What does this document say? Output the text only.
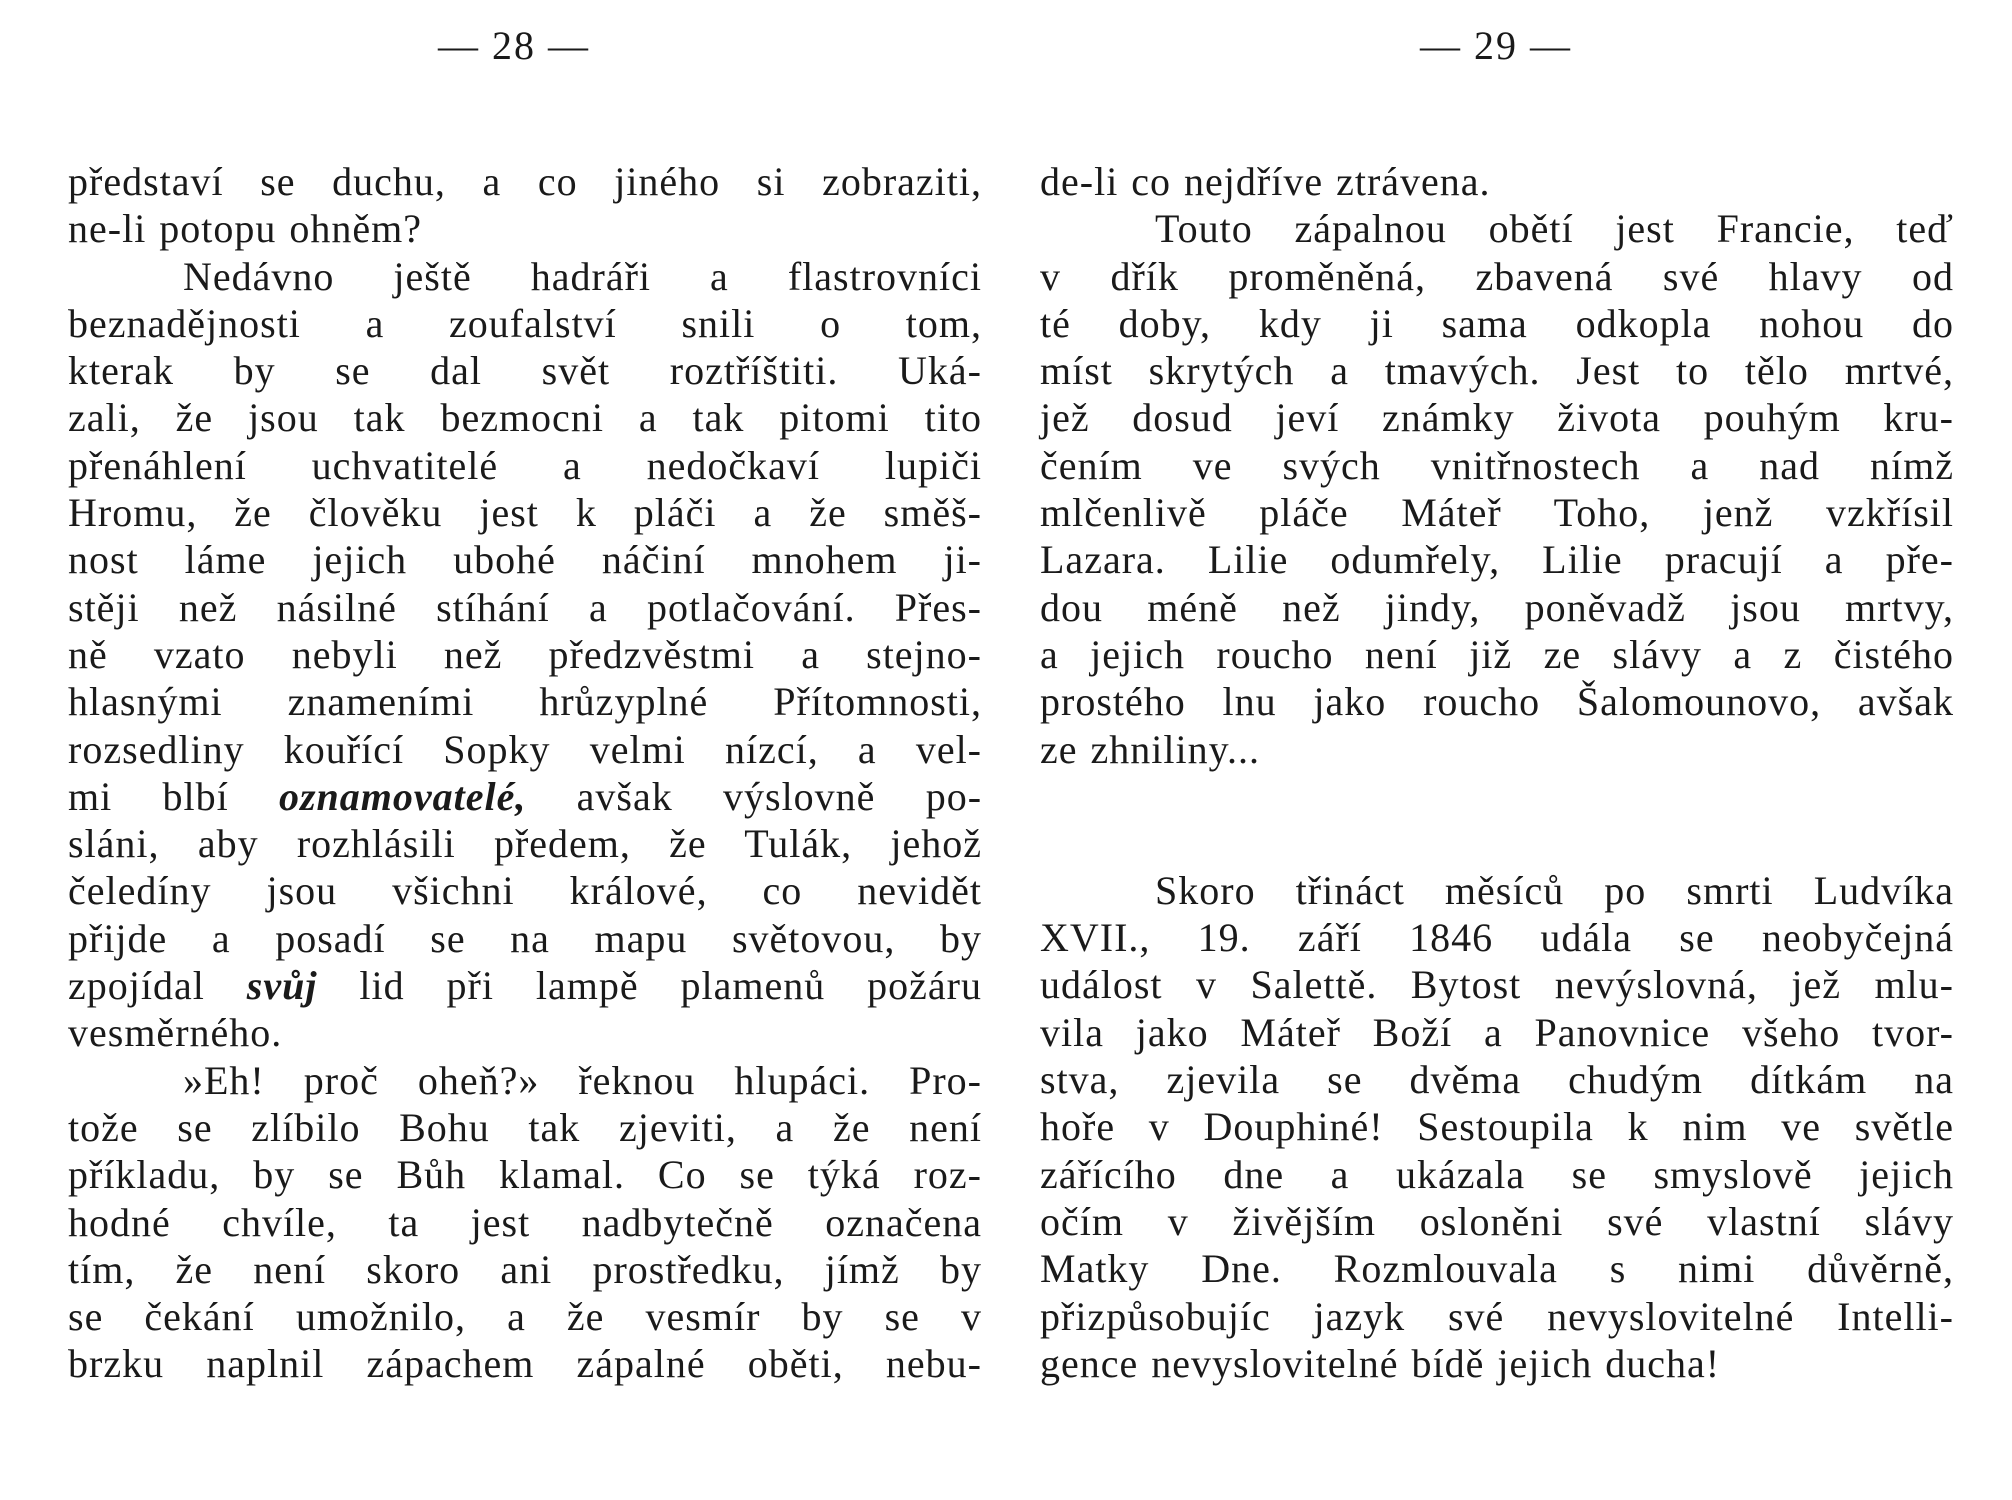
— 28 —	— 29 —
představí se duchu, a co jiného si zobraziti,
ne-li potopu ohněm?
Nedávno ještě hadráři a flastrovníci
beznadějnosti a zoufalství snili o tom,
kterak by se dal svět roztříštiti. Uká-
zali, že jsou tak bezmocni a tak pitomi tito
přenáhlení uchvatitelé a nedočkaví lupiči
Hromu, že člověku jest k pláči a že směš-
nost láme jejich ubohé náčiní mnohem ji-
stěji než násilné stíhání a potlačování. Přes-
ně vzato nebyli než předzvěstmi a stejno-
hlasnými znameními hrůzyplné Přítomnosti,
rozsedliny kouřící Sopky velmi nízcí, a vel-
mi blbí oznamovatelé, avšak výslovně po-
sláni, aby rozhlásili předem, že Tulák, jehož
čeledíny jsou všichni králové, co nevidět
přijde a posadí se na mapu světovou, by
zpojídal svůj lid při lampě plamenů požáru
vesměrného.
»Eh! proč oheň?» řeknou hlupáci. Pro-
tože se zlíbilo Bohu tak zjeviti, a že není
příkladu, by se Bůh klamal. Co se týká roz-
hodné chvíle, ta jest nadbytečně označena
tím, že není skoro ani prostředku, jímž by
se čekání umožnilo, a že vesmír by se v
brzku naplnil zápachem zápalné oběti, nebu-
de-li co nejdříve ztrávena.
Touto zápalnou obětí jest Francie, teď
v dřík proměněná, zbavená své hlavy od
té doby, kdy ji sama odkopla nohou do
míst skrytých a tmavých. Jest to tělo mrtvé,
jež dosud jeví známky života pouhým kru-
čením ve svých vnitřnostech a nad nímž
mlčenlivě pláče Máteř Toho, jenž vzkřísil
Lazara. Lilie odumřely, Lilie pracují a pře-
dou méně než jindy, poněvadž jsou mrtvy,
a jejich roucho není již ze slávy a z čistého
prostého lnu jako roucho Šalomounovo, avšak
ze zhniliny...
Skoro třináct měsíců po smrti Ludvíka
XVII., 19. září 1846 udála se neobyčejná
událost v Salettě. Bytost nevýslovná, jež mlu-
vila jako Máteř Boží a Panovnice všeho tvor-
stva, zjevila se dvěma chudým dítkám na
hoře v Douphiné! Sestoupila k nim ve světle
zářícího dne a ukázala se smyslově jejich
očím v živějším osloněni své vlastní slávy
Matky Dne. Rozmlouvala s nimi důvěrně,
přizpůsobujíc jazyk své nevyslovitelné Intelli-
gence nevyslovitelné bídě jejich ducha!
